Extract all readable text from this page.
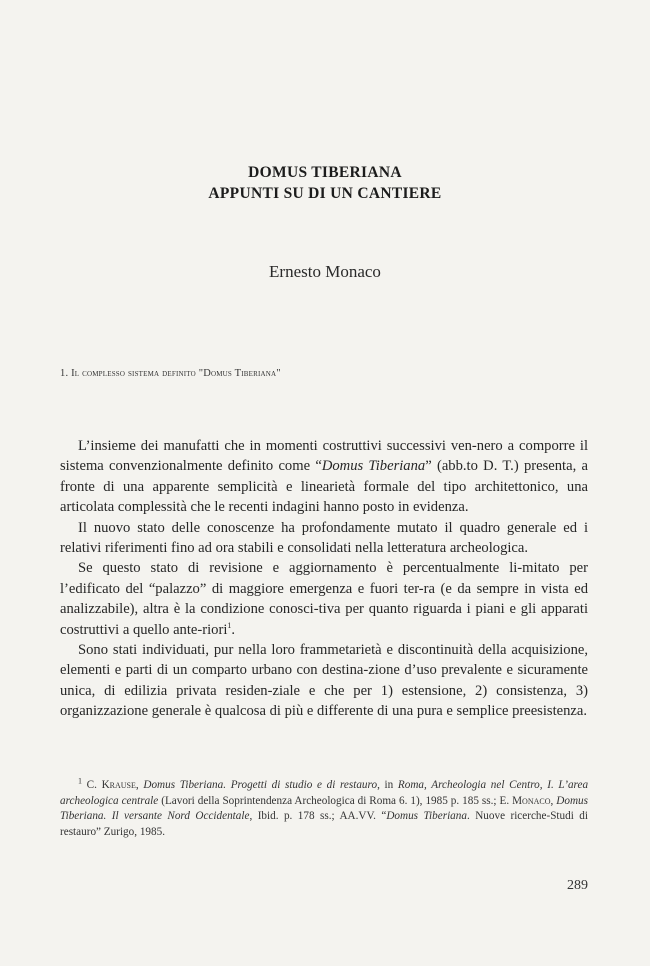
DOMUS TIBERIANA
APPUNTI SU DI UN CANTIERE
Ernesto Monaco
1. Il complesso sistema definito "Domus Tiberiana"

L’insieme dei manufatti che in momenti costruttivi successivi ven-nero a comporre il sistema convenzionalmente definito come “Domus Tiberiana” (abb.to D. T.) presenta, a fronte di una apparente semplicità e linearietà formale del tipo architettonico, una articolata complessità che le recenti indagini hanno posto in evidenza.

Il nuovo stato delle conoscenze ha profondamente mutato il quadro generale ed i relativi riferimenti fino ad ora stabili e consolidati nella letteratura archeologica.

Se questo stato di revisione e aggiornamento è percentualmente li-mitato per l’edificato del “palazzo” di maggiore emergenza e fuori ter-ra (e da sempre in vista ed analizzabile), altra è la condizione conosci-tiva per quanto riguarda i piani e gli apparati costruttivi a quello ante-riori$^1$.

Sono stati individuati, pur nella loro frammetarietà e discontinuità della acquisizione, elementi e parti di un comparto urbano con destina-zione d’uso prevalente e sicuramente unica, di edilizia privata residen-ziale e che per 1) estensione, 2) consistenza, 3) organizzazione generale è qualcosa di più e differente di una pura e semplice preesistenza.

$^1$ C. Krause, Domus Tiberiana. Progetti di studio e di restauro, in Roma, Archeologia nel Centro, I. L’area archeologica centrale (Lavori della Soprintendenza Archeologica di Roma 6. 1), 1985 p. 185 ss.; E. Monaco, Domus Tiberiana. Il versante Nord Occidentale, Ibid. p. 178 ss.; AA.VV. “Domus Tiberiana. Nuove ricerche-Studi di restauro” Zurigo, 1985.

289
